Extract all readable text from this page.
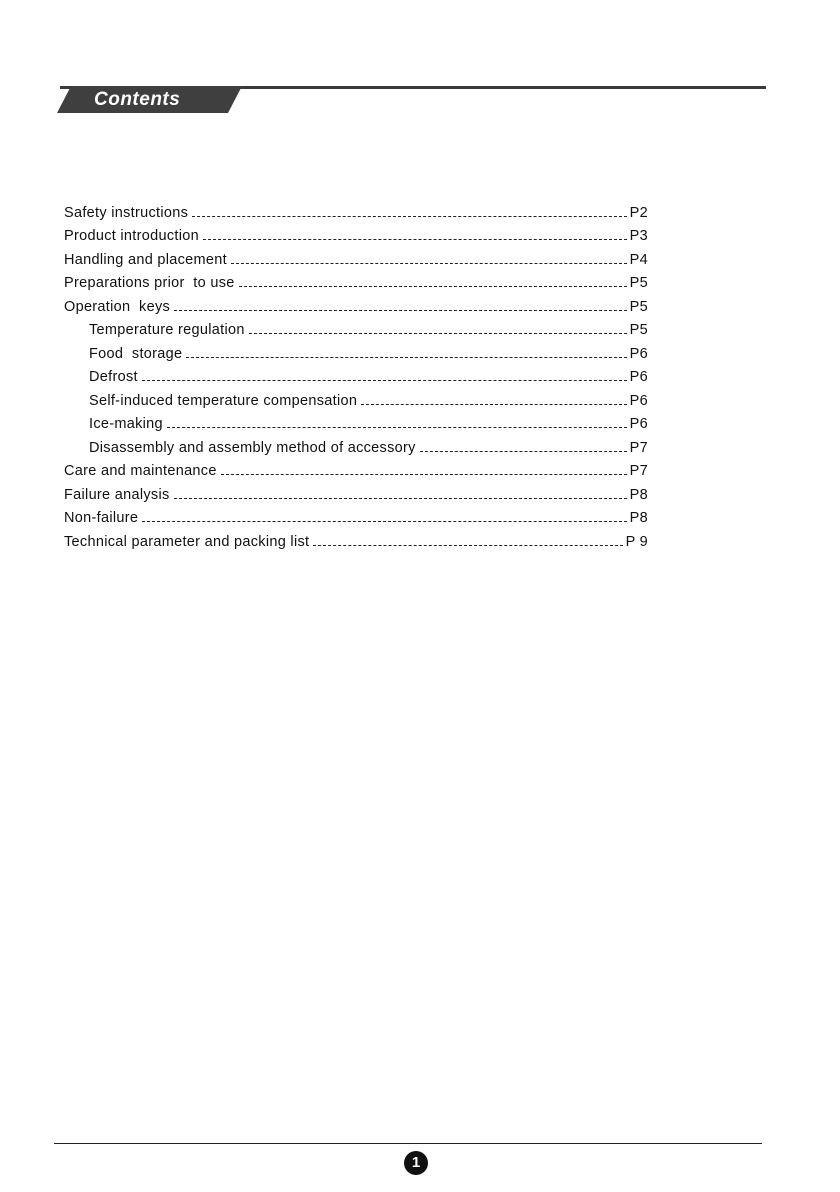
Contents
Safety instructions	P2
Product introduction	P3
Handling and placement	P4
Preparations prior  to use	P5
Operation  keys	P5
Temperature regulation	P5
Food  storage	P6
Defrost	P6
Self-induced temperature compensation	P6
Ice-making	P6
Disassembly and assembly method of accessory	P7
Care and maintenance	P7
Failure analysis	P8
Non-failure	P8
Technical parameter and packing list	P 9
1
